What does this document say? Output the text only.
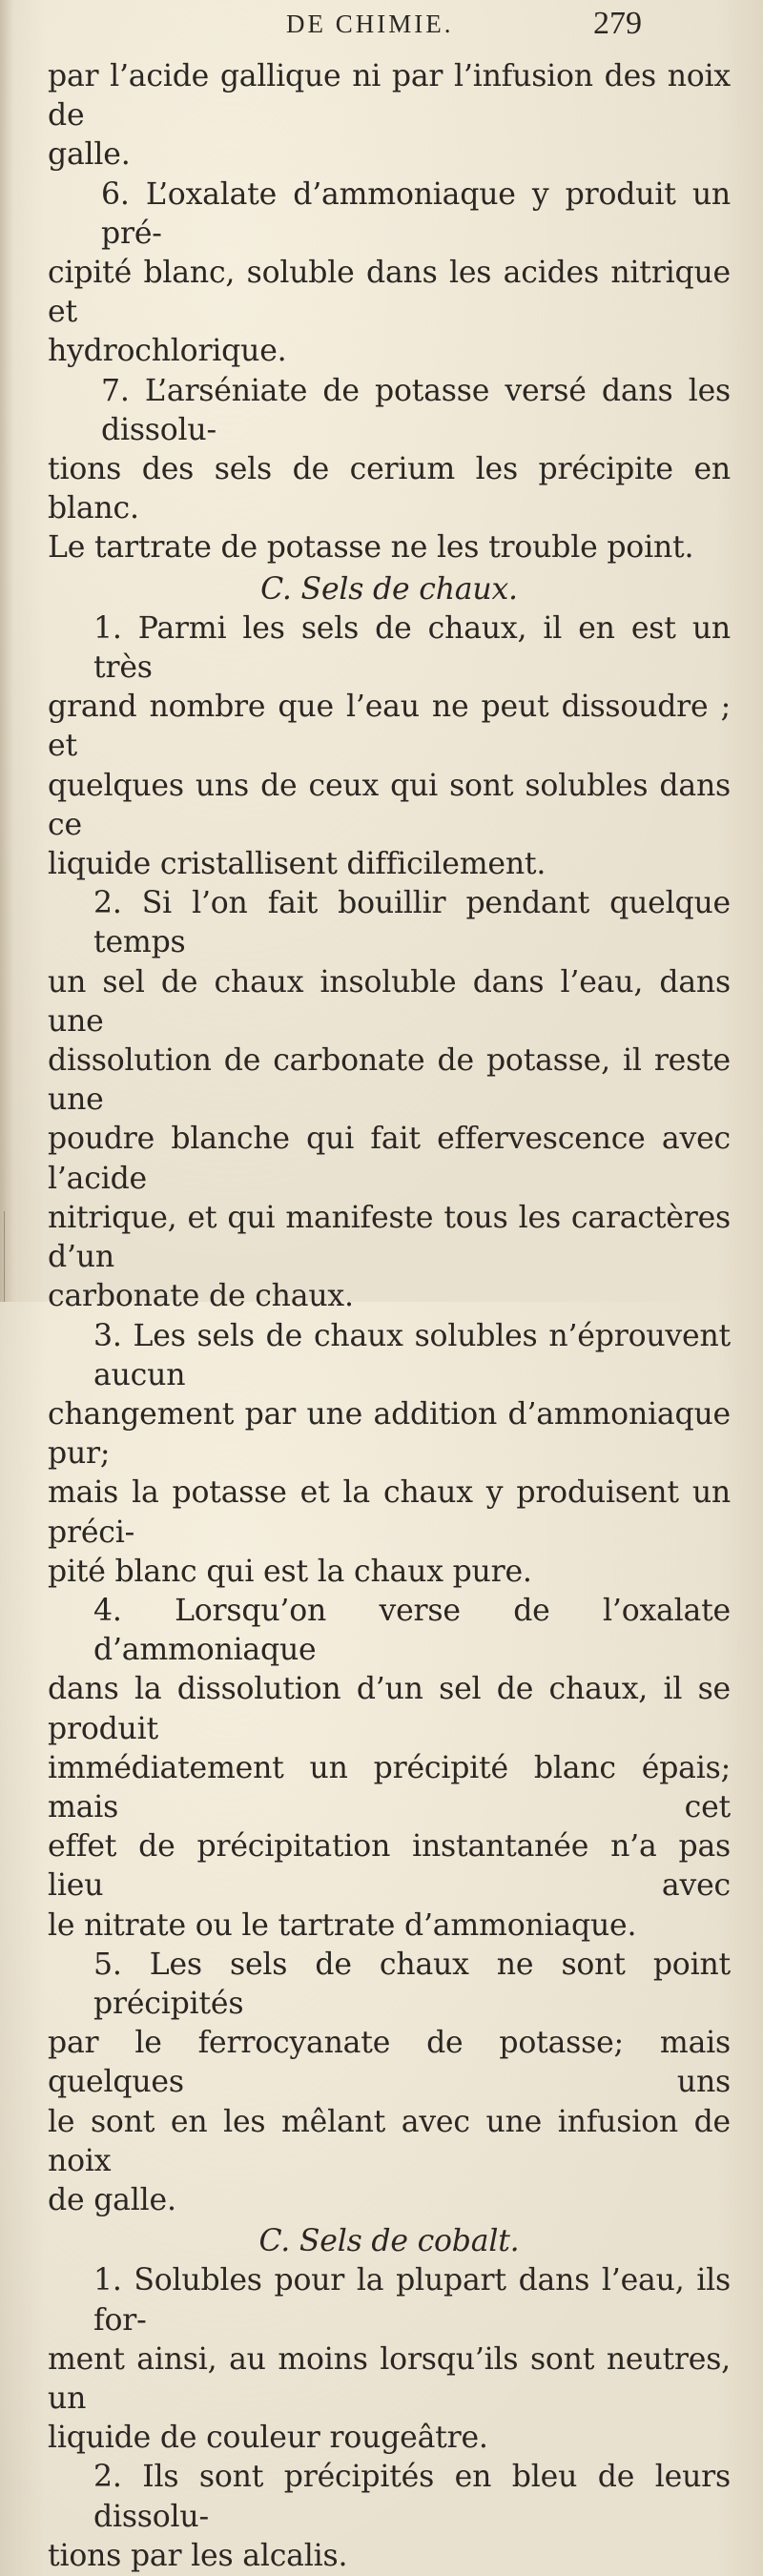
DE CHIMIE.	279
par l’acide gallique ni par l’infusion des noix de
galle.
6. L’oxalate d’ammoniaque y produit un pré-
cipité blanc, soluble dans les acides nitrique et
hydrochlorique.
7. L’arséniate de potasse versé dans les dissolu-
tions des sels de cerium les précipite en blanc.
Le tartrate de potasse ne les trouble point.
C. Sels de chaux.
1. Parmi les sels de chaux, il en est un très
grand nombre que l’eau ne peut dissoudre ; et
quelques uns de ceux qui sont solubles dans ce
liquide cristallisent difficilement.
2. Si l’on fait bouillir pendant quelque temps
un sel de chaux insoluble dans l’eau, dans une
dissolution de carbonate de potasse, il reste une
poudre blanche qui fait effervescence avec l’acide
nitrique, et qui manifeste tous les caractères d’un
carbonate de chaux.
3. Les sels de chaux solubles n’éprouvent aucun
changement par une addition d’ammoniaque pur;
mais la potasse et la chaux y produisent un préci-
pité blanc qui est la chaux pure.
4. Lorsqu’on verse de l’oxalate d’ammoniaque
dans la dissolution d’un sel de chaux, il se produit
immédiatement un précipité blanc épais; mais cet
effet de précipitation instantanée n’a pas lieu avec
le nitrate ou le tartrate d’ammoniaque.
5. Les sels de chaux ne sont point précipités
par le ferrocyanate de potasse; mais quelques uns
le sont en les mêlant avec une infusion de noix
de galle.
C. Sels de cobalt.
1. Solubles pour la plupart dans l’eau, ils for-
ment ainsi, au moins lorsqu’ils sont neutres, un
liquide de couleur rougeâtre.
2. Ils sont précipités en bleu de leurs dissolu-
tions par les alcalis.
